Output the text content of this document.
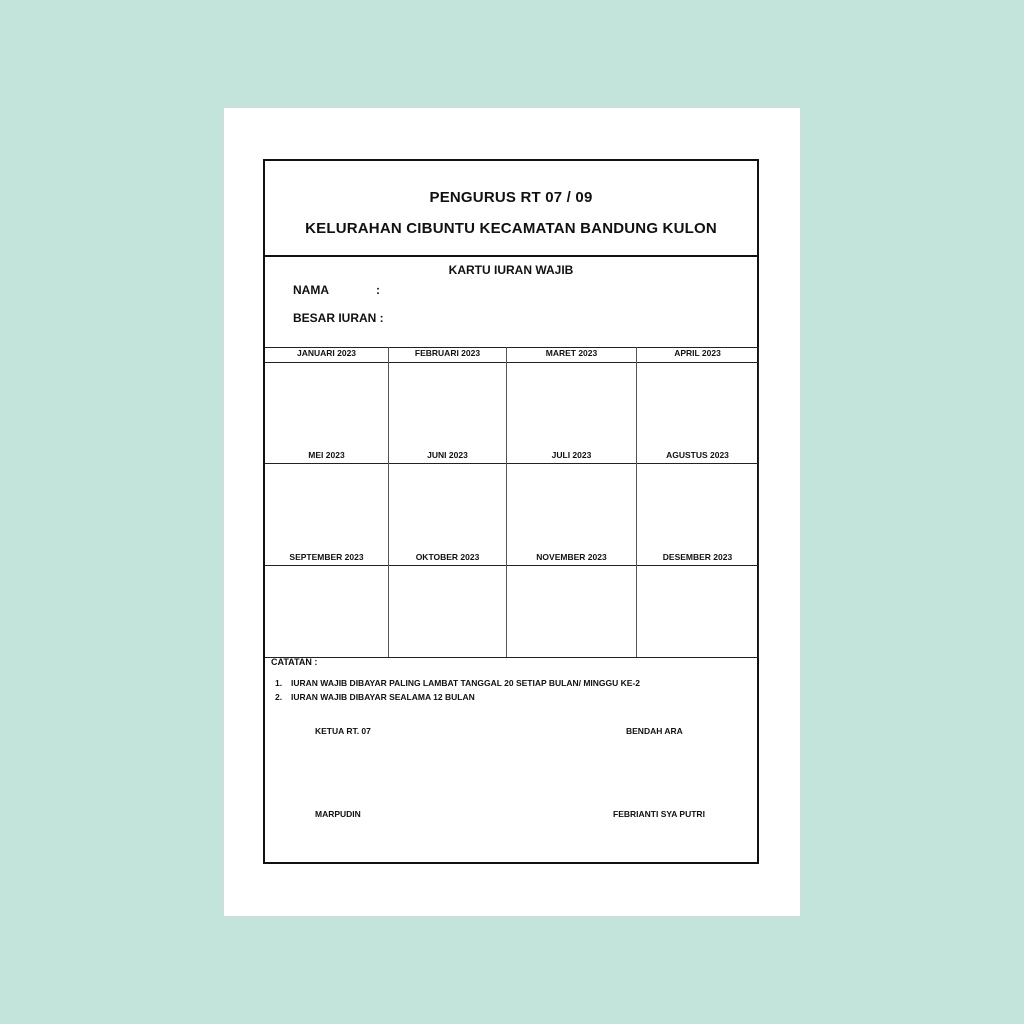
PENGURUS RT 07 / 09
KELURAHAN CIBUNTU KECAMATAN BANDUNG KULON
KARTU IURAN WAJIB
NAMA	:
BESAR IURAN :
JANUARI 2023	FEBRUARI 2023	MARET 2023	APRIL 2023
MEI 2023	JUNI 2023	JULI 2023	AGUSTUS 2023
SEPTEMBER 2023	OKTOBER 2023	NOVEMBER 2023	DESEMBER 2023
CATATAN :
1. IURAN WAJIB DIBAYAR PALING LAMBAT TANGGAL 20 SETIAP BULAN/ MINGGU KE-2
2. IURAN WAJIB DIBAYAR SEALAMA 12 BULAN
KETUA RT. 07	BENDAH ARA
MARPUDIN	FEBRIANTI SYA PUTRI
